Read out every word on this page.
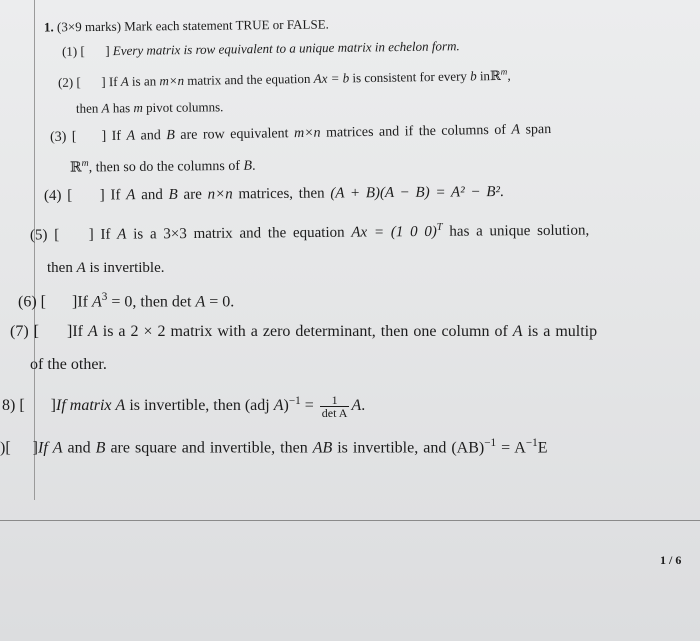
1. (3×9 marks) Mark each statement TRUE or FALSE.
(1) [ ] Every matrix is row equivalent to a unique matrix in echelon form.
(2) [ ] If A is an m×n matrix and the equation Ax = b is consistent for every b inℝ$^m$,
then A has m pivot columns.
(3) [ ] If A and B are row equivalent m×n matrices and if the columns of A span
ℝ$^m$, then so do the columns of B.
(4) [ ] If A and B are n×n matrices, then (A + B)(A − B) = A² − B².
(5) [ ] If A is a 3×3 matrix and the equation Ax = (1 0 0)$^T$ has a unique solution,
then A is invertible.
(6) [ ]If $A^3 = 0$, then det A = 0.
(7) [ ]If A is a 2 × 2 matrix with a zero determinant, then one column of A is a multip
of the other.
8) [ ]If matrix A is invertible, then (adj $A)^{-1} = \frac{1}{\text{det A}} A$.
)[ ]If A and B are square and invertible, then AB is invertible, and $(AB)^{-1} = A^{-1}E$
1 / 6
